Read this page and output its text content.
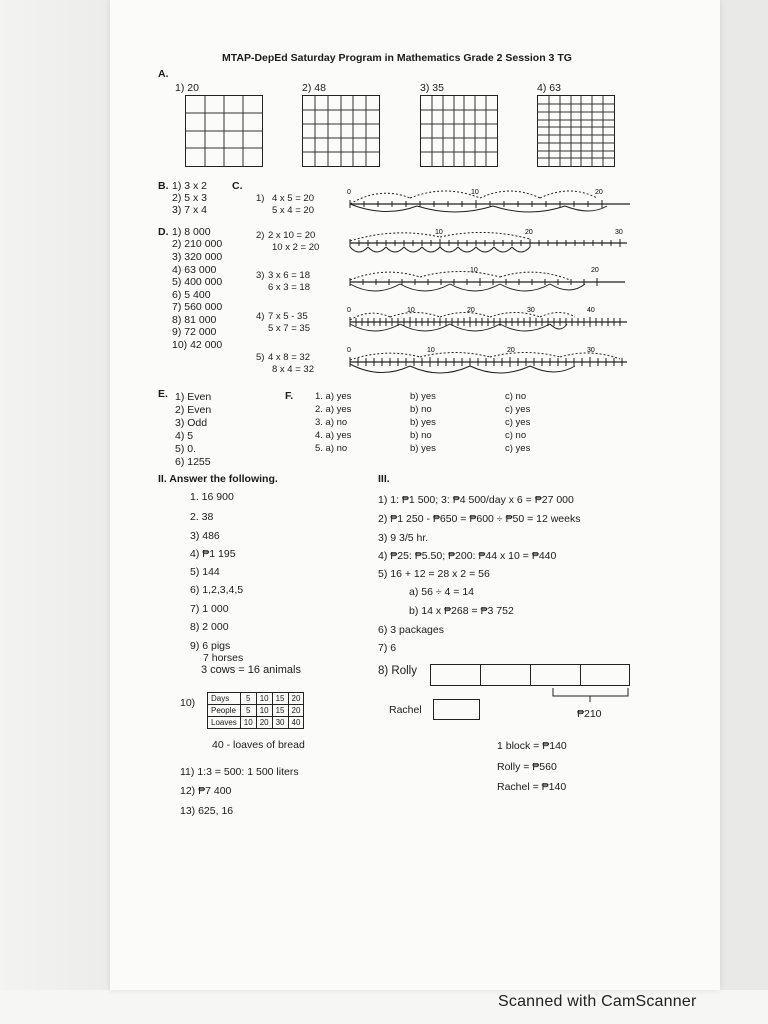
MTAP-DepEd Saturday Program in Mathematics Grade 2 Session 3 TG
A.
1) 20	2) 48	3) 35	4) 63
B. 1) 3 x 2
2) 5 x 3
3) 7 x 4
C.
1) 4 x 5 = 20
5 x 4 = 20
2) 2 x 10 = 20
10 x 2 = 20
3) 3 x 6 = 18
6 x 3 = 18
4) 7 x 5 - 35
5 x 7 = 35
5) 4 x 8 = 32
8 x 4 = 32
0	10	20
10	20	30
10	20
0	10	20	30	40
0	10	20	30
D. 1) 8 000
2) 210 000
3) 320 000
4) 63 000
5) 400 000
6) 5 400
7) 560 000
8) 81 000
9) 72 000
10) 42 000
E. 1) Even
2) Even
3) Odd
4) 5
5) 0.
6) 1255
F. 1. a) yes	b) yes	c) no
2. a) yes	b) no	c) yes
3. a) no	b) yes	c) yes
4. a) yes	b) no	c) no
5. a) no	b) yes	c) yes
II. Answer the following.
1. 16 900
2. 38
3) 486
4) ₱1 195
5) 144
6) 1,2,3,4,5
7) 1 000
8) 2 000
9) 6 pigs
7 horses
3 cows = 16 animals
10) Days	5	10	15	20
People	5	10	15	20
Loaves	10	20	30	40
40 - loaves of bread
11) 1:3 = 500: 1 500 liters
12) ₱7 400
13) 625, 16
III.
1) 1: ₱1 500; 3: ₱4 500/day x 6 = ₱27 000
2) ₱1 250 - ₱650 = ₱600 ÷ ₱50 = 12 weeks
3) 9 3/5 hr.
4) ₱25: ₱5.50; ₱200: ₱44 x 10 = ₱440
5) 16 + 12 = 28 x 2 = 56
a) 56 ÷ 4 = 14
b) 14 x ₱268 = ₱3 752
6) 3 packages
7) 6
8) Rolly
₱210
Rachel
1 block = ₱140
Rolly = ₱560
Rachel = ₱140
Scanned with CamScanner
